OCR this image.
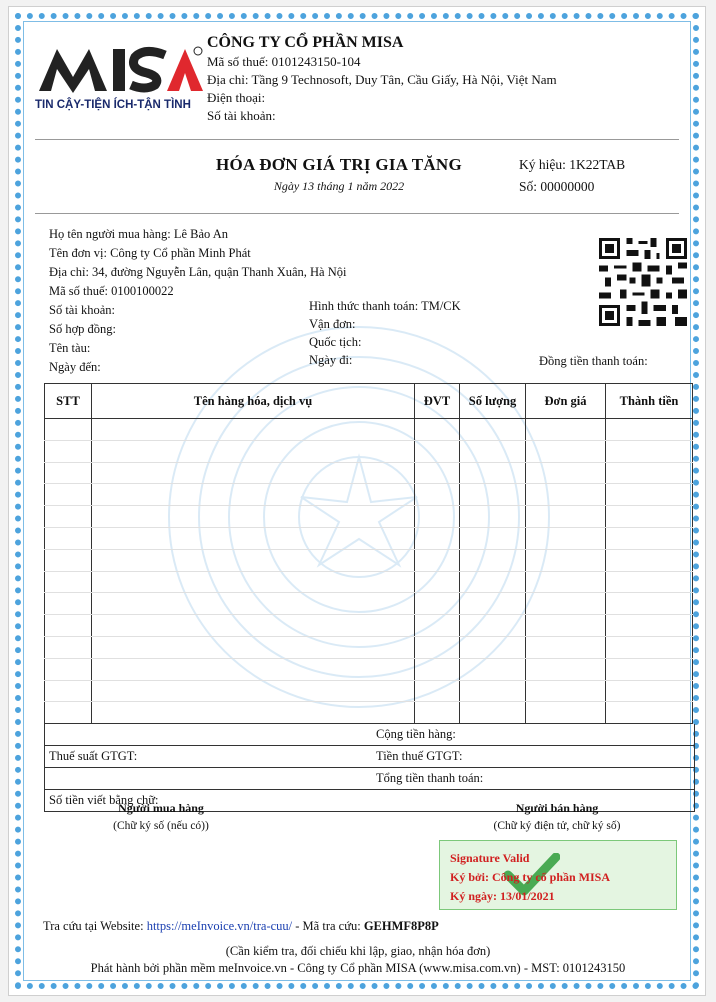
TIN CẬY-TIỆN ÍCH-TẬN TÌNH
CÔNG TY CỔ PHẦN MISA
Mã số thuế: 0101243150-104
Địa chỉ: Tầng 9 Technosoft, Duy Tân, Cầu Giấy, Hà Nội, Việt Nam
Điện thoại:
Số tài khoản:
HÓA ĐƠN GIÁ TRỊ GIA TĂNG
Ngày 13 tháng 1 năm 2022
Ký hiệu: 1K22TAB
Số: 00000000
Họ tên người mua hàng: Lê Bảo An
Tên đơn vị: Công ty Cổ phần Minh Phát
Địa chỉ: 34, đường Nguyễn Lân, quận Thanh Xuân, Hà Nội
Mã số thuế: 0100100022
Số tài khoản:
Số hợp đồng:
Tên tàu:
Ngày đến:
Hình thức thanh toán: TM/CK
Vận đơn:
Quốc tịch:
Ngày đi:	Đồng tiền thanh toán:
STT	Tên hàng hóa, dịch vụ	ĐVT	Số lượng	Đơn giá	Thành tiền

Cộng tiền hàng:
Thuế suất GTGT:	Tiền thuế GTGT:
Tổng tiền thanh toán:
Số tiền viết bằng chữ:
Người mua hàng
(Chữ ký số (nếu có))
Người bán hàng
(Chữ ký điện tử, chữ ký số)
Signature Valid
Ký bởi: Công ty cổ phần MISA
Ký ngày: 13/01/2021
Tra cứu tại Website: https://meInvoice.vn/tra-cuu/ - Mã tra cứu: GEHMF8P8P
(Cần kiểm tra, đối chiếu khi lập, giao, nhận hóa đơn)
Phát hành bởi phần mềm meInvoice.vn - Công ty Cổ phần MISA (www.misa.com.vn) - MST: 0101243150
